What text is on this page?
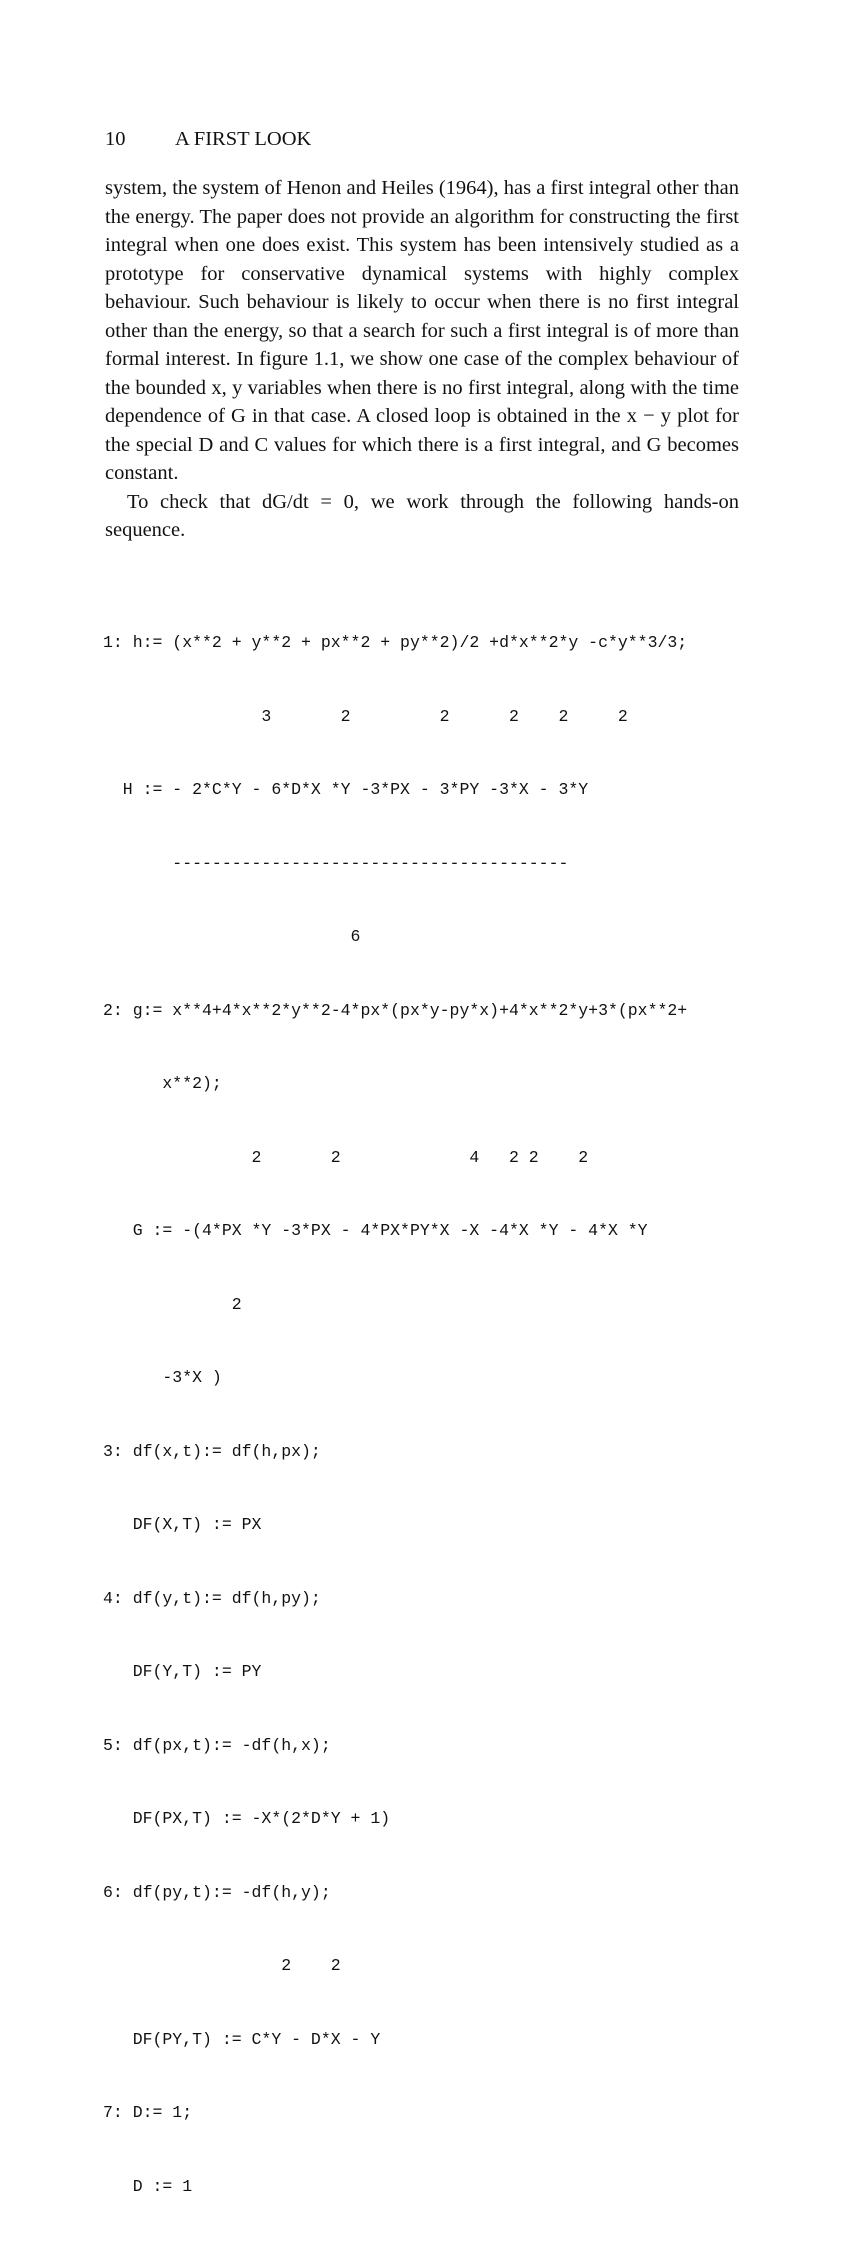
10 A FIRST LOOK

system, the system of Henon and Heiles (1964), has a first integral other than the energy. The paper does not provide an algorithm for constructing the first integral when one does exist. This system has been intensively studied as a prototype for conservative dynamical systems with highly complex behaviour. Such behaviour is likely to occur when there is no first integral other than the energy, so that a search for such a first integral is of more than formal interest. In figure 1.1, we show one case of the complex behaviour of the bounded x, y variables when there is no first integral, along with the time dependence of G in that case. A closed loop is obtained in the x − y plot for the special D and C values for which there is a first integral, and G becomes constant.

To check that dG/dt = 0, we work through the following hands-on sequence.

1: h:= (x**2 + y**2 + px**2 + py**2)/2 +d*x**2*y -c*y**3/3;

3       2         2      2    2     2

H := - 2*C*Y - 6*D*X *Y -3*PX - 3*PY -3*X - 3*Y

----------------------------------------

6

2: g:= x**4+4*x**2*y**2-4*px*(px*y-py*x)+4*x**2*y+3*(px**2+

x**2);

2       2             4   2 2    2

G := -(4*PX *Y -3*PX - 4*PX*PY*X -X -4*X *Y - 4*X *Y

2

-3*X )

3: df(x,t):= df(h,px);

DF(X,T) := PX

4: df(y,t):= df(h,py);

DF(Y,T) := PY

5: df(px,t):= -df(h,x);

DF(PX,T) := -X*(2*D*Y + 1)

6: df(py,t):= -df(h,y);

2    2

DF(PY,T) := C*Y - D*X - Y

7: D:= 1;

D := 1
